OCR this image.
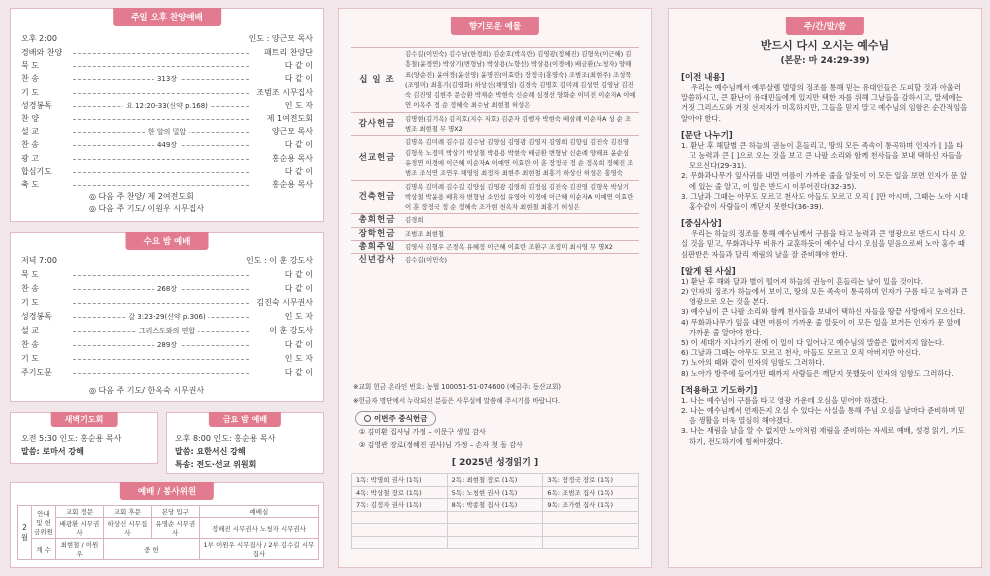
주일 오후 찬양예배
오후 2:00	인도 : 양근모 목사
경배와 찬양	패트리 찬양단
묵 도	다 같 이
찬 송	313장	다 같 이
기 도	조범조 시무집사
성경봉독	요 12:20-33(신약 p.168)	인 도 자
찬 양	제 1여전도회
설 교	한 알의 밀알	양근모 목사
찬 송	449장	다 같 이
광 고	홍순용 목사
합심기도	다 같 이
축 도	홍순용 목사
◎ 다음 주 찬양/ 제 2여전도회
◎ 다음 주 기도/ 이원우 시무집사
수요 밤 예배
저녁 7:00	인도 : 이 훈 강도사
묵 도	다 같 이
찬 송	268장	다 같 이
기 도	김진숙 시무권사
성경봉독	갈 3:23-29(신약 p.306)	인 도 자
설 교	그리스도와의 연합	이 훈 강도사
찬 송	289장	다 같 이
기 도	인 도 자
주기도문	다 같 이
◎ 다음 주 기도/ 한옥숙 시무권사
새벽기도회
오전 5:30 인도: 홍순용 목사
말씀: 로마서 강해
금요 밤 예배
오후 8:00 인도: 홍순용 목사
말씀: 요한서신 강해
특송: 전도·선교 위원회
예배 / 봉사위원
2월	안내 및 헌금위원	교회 정문	교회 후문	본당 입구	예배실
		배광환 시무권사	하상신 시무집사	유명순 시무권사	정해진 시무권사 노청자 시무권사
	계 수	최현철 / 이원우	중 헌		1부 이원우 시무집사 / 2부 김수길 시무집사
향기로운 예물
십 일 조	김수길(이민숙) 김수남(한경희) 김순호(박옥란) 김영광(정혜진) 김형욱(이근혜) 김흥철(윤경연) 박상기(변형남) 박상용(노향선) 박상용(이경애) 배금환(노청자) 양해표(양순진) 윤여경(윤선영) 윤명진(이효란) 장정국(홍영숙) 조범조(최현주) 조성묵(조영미) 최홍기(김영화) 하상신(채영임) 김경숙 김명호 김미례 김성연 김영남 김진숙 김진영 김현주 문승환 박재순 박현숙 신순례 심경선 양화순 이미진 이순자A 이예연 이옥주 정 순 정혜숙 최수남 최현철 허성은
감사헌금	김명현(김기옥) 김지호(지수 지호) 김준자 김행자 박현숙 배삼례 이순자A 성 순 조범조 최현철 무 명X2
선교헌금	김명옥 김미례 김수길 김수남 김양심 김영광 김영지 김영희 김향심 김진숙 김진영 김형욱 노정미 박상기 박상철 박용용 박현숙 배금환 변형남 신순례 양해표 윤순심 유경연 이경애 이근혜 이순자A 이예연 이효란 이 훈 장정국 정 순 정옥희 정혜진 조범조 조석연 조연우 채영임 최정자 최현주 최현철 최홍기 하상신 허성은 홍영숙
건축헌금	김명옥 김미례 김수길 김양심 김영광 김영희 김정심 김진숙 김진영 김형욱 박상기 박상철 박윤용 배휴자 변형남 소민섭 유영아 이경애 이근혜 이순자A 이예연 이효란 이 훈 장정국 정 순 정혜숙 조가현 천옥자 최현철 최홍기 허성은
총회헌금	김경희
장학헌금	조범조 최현철
총회주일	김영사 김형우 곤경옥 유혜정 이근혜 이효란 조환구 조정미 최시영 무 명X2
신년감사	김수길(이민숙)
※교회 헌금 온라인 번호: 농협 100051-51-074600 (예금주: 동산교회)
※헌금자 명단에서 누락되신 분들은 사무실에 말씀해 주시기를 바랍니다.
이번주 중식헌금
① 김미환 집사님 가정 – 이문구 생일 감사
② 김영관 장로(정혜진 권사)님 가정 – 손자 첫 돌 감사
[ 2025년 성경읽기 ]
1독: 박명희 권사 (1독)	2독: 최현철 장로 (1독)	3독: 장정국 장로 (1독)
4독: 박상철 장로 (1독)	5독: 노청현 권사 (1독)	6독: 조범조 집사 (1독)
7독: 김정자 권사 (1독)	8독: 박종철 집사 (1독)	9독: 조가현 집사 (1독)

주/간/말/씀
반드시 다시 오시는 예수님
(본문: 마 24:29-39)
[이전 내용]

우리는 예수님께서 예루살렘 멸망의 징조를 통해 믿는 유대인들은 도피할 것과 아울러 말씀하시고, 큰 환난이 유대민들에게 있지만 택한 자를 위해 그날들을 감하시고, 말세에는 거짓 그리스도와 거짓 선지자가 미혹하지만, 그들을 믿지 말고 예수님의 임함은 순간적임을 알아야 한다.

[문단 나누기]

1. 환난 후 해달별 큰 하늘의 권능이 흔들리고, 땅의 모든 족속이 통곡하며 인자가 [ ]을 타고 능력과 큰 [ ]으로 오는 것을 보고 큰 나팔 소리와 함께 천사들을 보내 택하신 자들을 모으신다(29-31).

2. 무화과나무가 잎사귀를 내면 여름이 가까운 줄을 알듯이 이 모든 일을 보면 인자가 문 앞에 있는 줄 알고, 이 일은 반드시 이루어진다(32-35).

3. 그날과 그때는 아무도 모르고 천사도 아들도 모르고 오직 [ ]만 아시며, 그때는 노아 시대 홍수같이 사람들이 깨닫지 못한다(36-39).

[중심사상]

우리는 하늘의 징조를 통해 예수님께서 구름을 타고 능력과 큰 영광으로 반드시 다시 오실 것을 믿고, 무화과나무 비유가 교훈하듯이 예수님 다시 오심을 믿음으로써 노아 홍수 때 심판받은 자들과 달리 재림의 날을 잘 준비해야 한다.

[알게 된 사실]

1) 환난 후 해와 달과 별이 떨어져 하늘의 권능이 흔들리는 날이 있을 것이다.

2) 인자의 징조가 하늘에서 보이고, 땅의 모든 족속이 통곡하며 인자가 구름 타고 능력과 큰 영광으로 오는 것을 본다.

3) 예수님이 큰 나팔 소리와 함께 천사들을 보내어 택하신 자들을 땅끝 사방에서 모으신다.

4) 무화과나무가 잎을 내면 여름이 가까운 줄 알듯이 이 모든 일을 보거든 인자가 문 앞에 가까운 줄 알아야 한다.

5) 이 세대가 지나가기 전에 이 일이 다 일어나고 예수님의 말씀은 없어지지 않는다.

6) 그날과 그때는 아무도 모르고 천사, 아들도 모르고 오직 아버지만 아신다.

7) 노아의 때와 같이 인자의 임함도 그러하다.

8) 노아가 방주에 들어가던 때까지 사람들은 깨닫지 못했듯이 인자의 임함도 그러하다.

[적용하고 기도하기]

1. 나는 예수님이 구름을 타고 영광 가운데 오심을 믿어야 하겠다.

2. 나는 예수님께서 언제든지 오실 수 있다는 사실을 통해 주님 오심을 날마다 준비하며 믿음 생활을 더욱 열심히 해야겠다.

3. 나는 재림을 날을 알 수 없지만 노아처럼 재림을 준비하는 자세로 예배, 성경 읽기, 기도하기, 전도하기에 힘써야겠다.
